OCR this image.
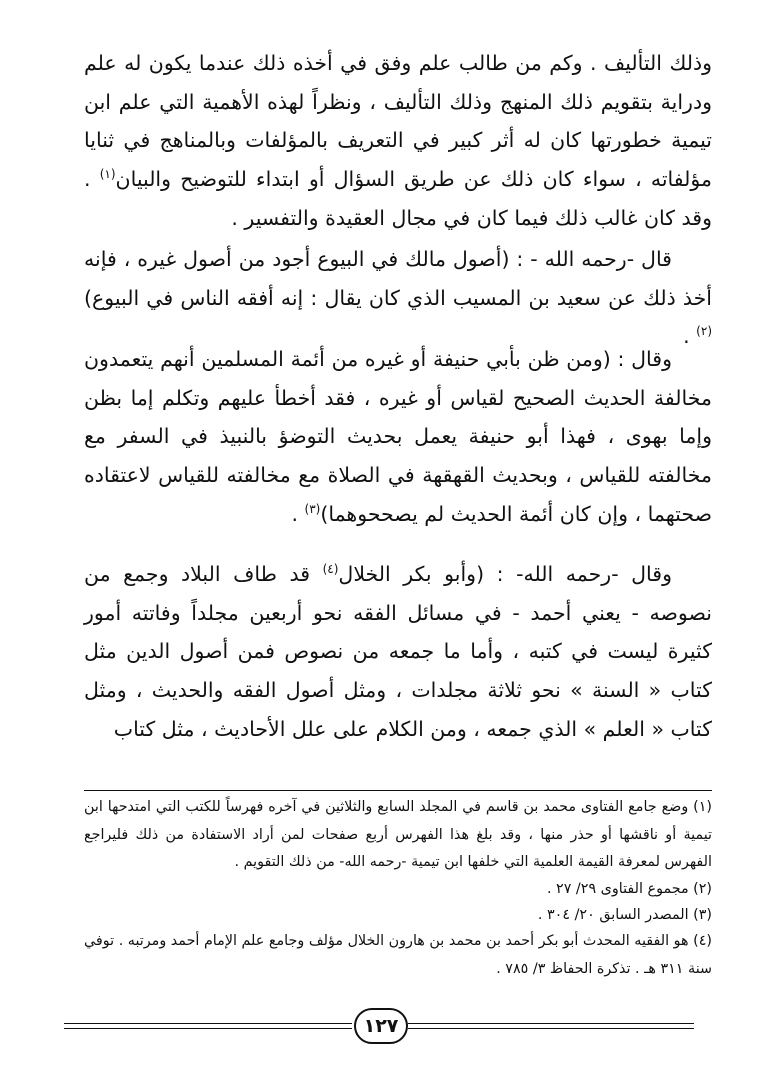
وذلك التأليف . وكم من طالب علم وفق في أخذه ذلك عندما يكون له علم ودراية بتقويم ذلك المنهج وذلك التأليف ، ونظراً لهذه الأهمية التي علم ابن تيمية خطورتها كان له أثر كبير في التعريف بالمؤلفات وبالمناهج في ثنايا مؤلفاته ، سواء كان ذلك عن طريق السؤال أو ابتداء للتوضيح والبيان$^{(١)}$ . وقد كان غالب ذلك فيما كان في مجال العقيدة والتفسير .

قال -رحمه الله - : (أصول مالك في البيوع أجود من أصول غيره ، فإنه أخذ ذلك عن سعيد بن المسيب الذي كان يقال : إنه أفقه الناس في البيوع)$^{(٢)}$ .

وقال : (ومن ظن بأبي حنيفة أو غيره من أئمة المسلمين أنهم يتعمدون مخالفة الحديث الصحيح لقياس أو غيره ، فقد أخطأ عليهم وتكلم إما بظن وإما بهوى ، فهذا أبو حنيفة يعمل بحديث التوضؤ بالنبيذ في السفر مع مخالفته للقياس ، وبحديث القهقهة في الصلاة مع مخالفته للقياس لاعتقاده صحتهما ، وإن كان أئمة الحديث لم يصححوهما)$^{(٣)}$ .

وقال -رحمه الله- : (وأبو بكر الخلال$^{(٤)}$ قد طاف البلاد وجمع من نصوصه - يعني أحمد - في مسائل الفقه نحو أربعين مجلداً وفاتته أمور كثيرة ليست في كتبه ، وأما ما جمعه من نصوص فمن أصول الدين مثل كتاب « السنة » نحو ثلاثة مجلدات ، ومثل أصول الفقه والحديث ، ومثل كتاب « العلم » الذي جمعه ، ومن الكلام على علل الأحاديث ، مثل كتاب

(١) وضع جامع الفتاوى محمد بن قاسم في المجلد السابع والثلاثين في آخره فهرساً للكتب التي امتدحها ابن تيمية أو ناقشها أو حذر منها ، وقد بلغ هذا الفهرس أربع صفحات لمن أراد الاستفادة من ذلك فليراجع الفهرس لمعرفة القيمة العلمية التي خلفها ابن تيمية -رحمه الله- من ذلك التقويم .

(٢) مجموع الفتاوى ٢٩/ ٢٧ .

(٣) المصدر السابق ٢٠/ ٣٠٤ .

(٤) هو الفقيه المحدث أبو بكر أحمد بن محمد بن هارون الخلال مؤلف وجامع علم الإمام أحمد ومرتبه . توفي سنة ٣١١ هـ . تذكرة الحفاظ ٣/ ٧٨٥ .

١٢٧
